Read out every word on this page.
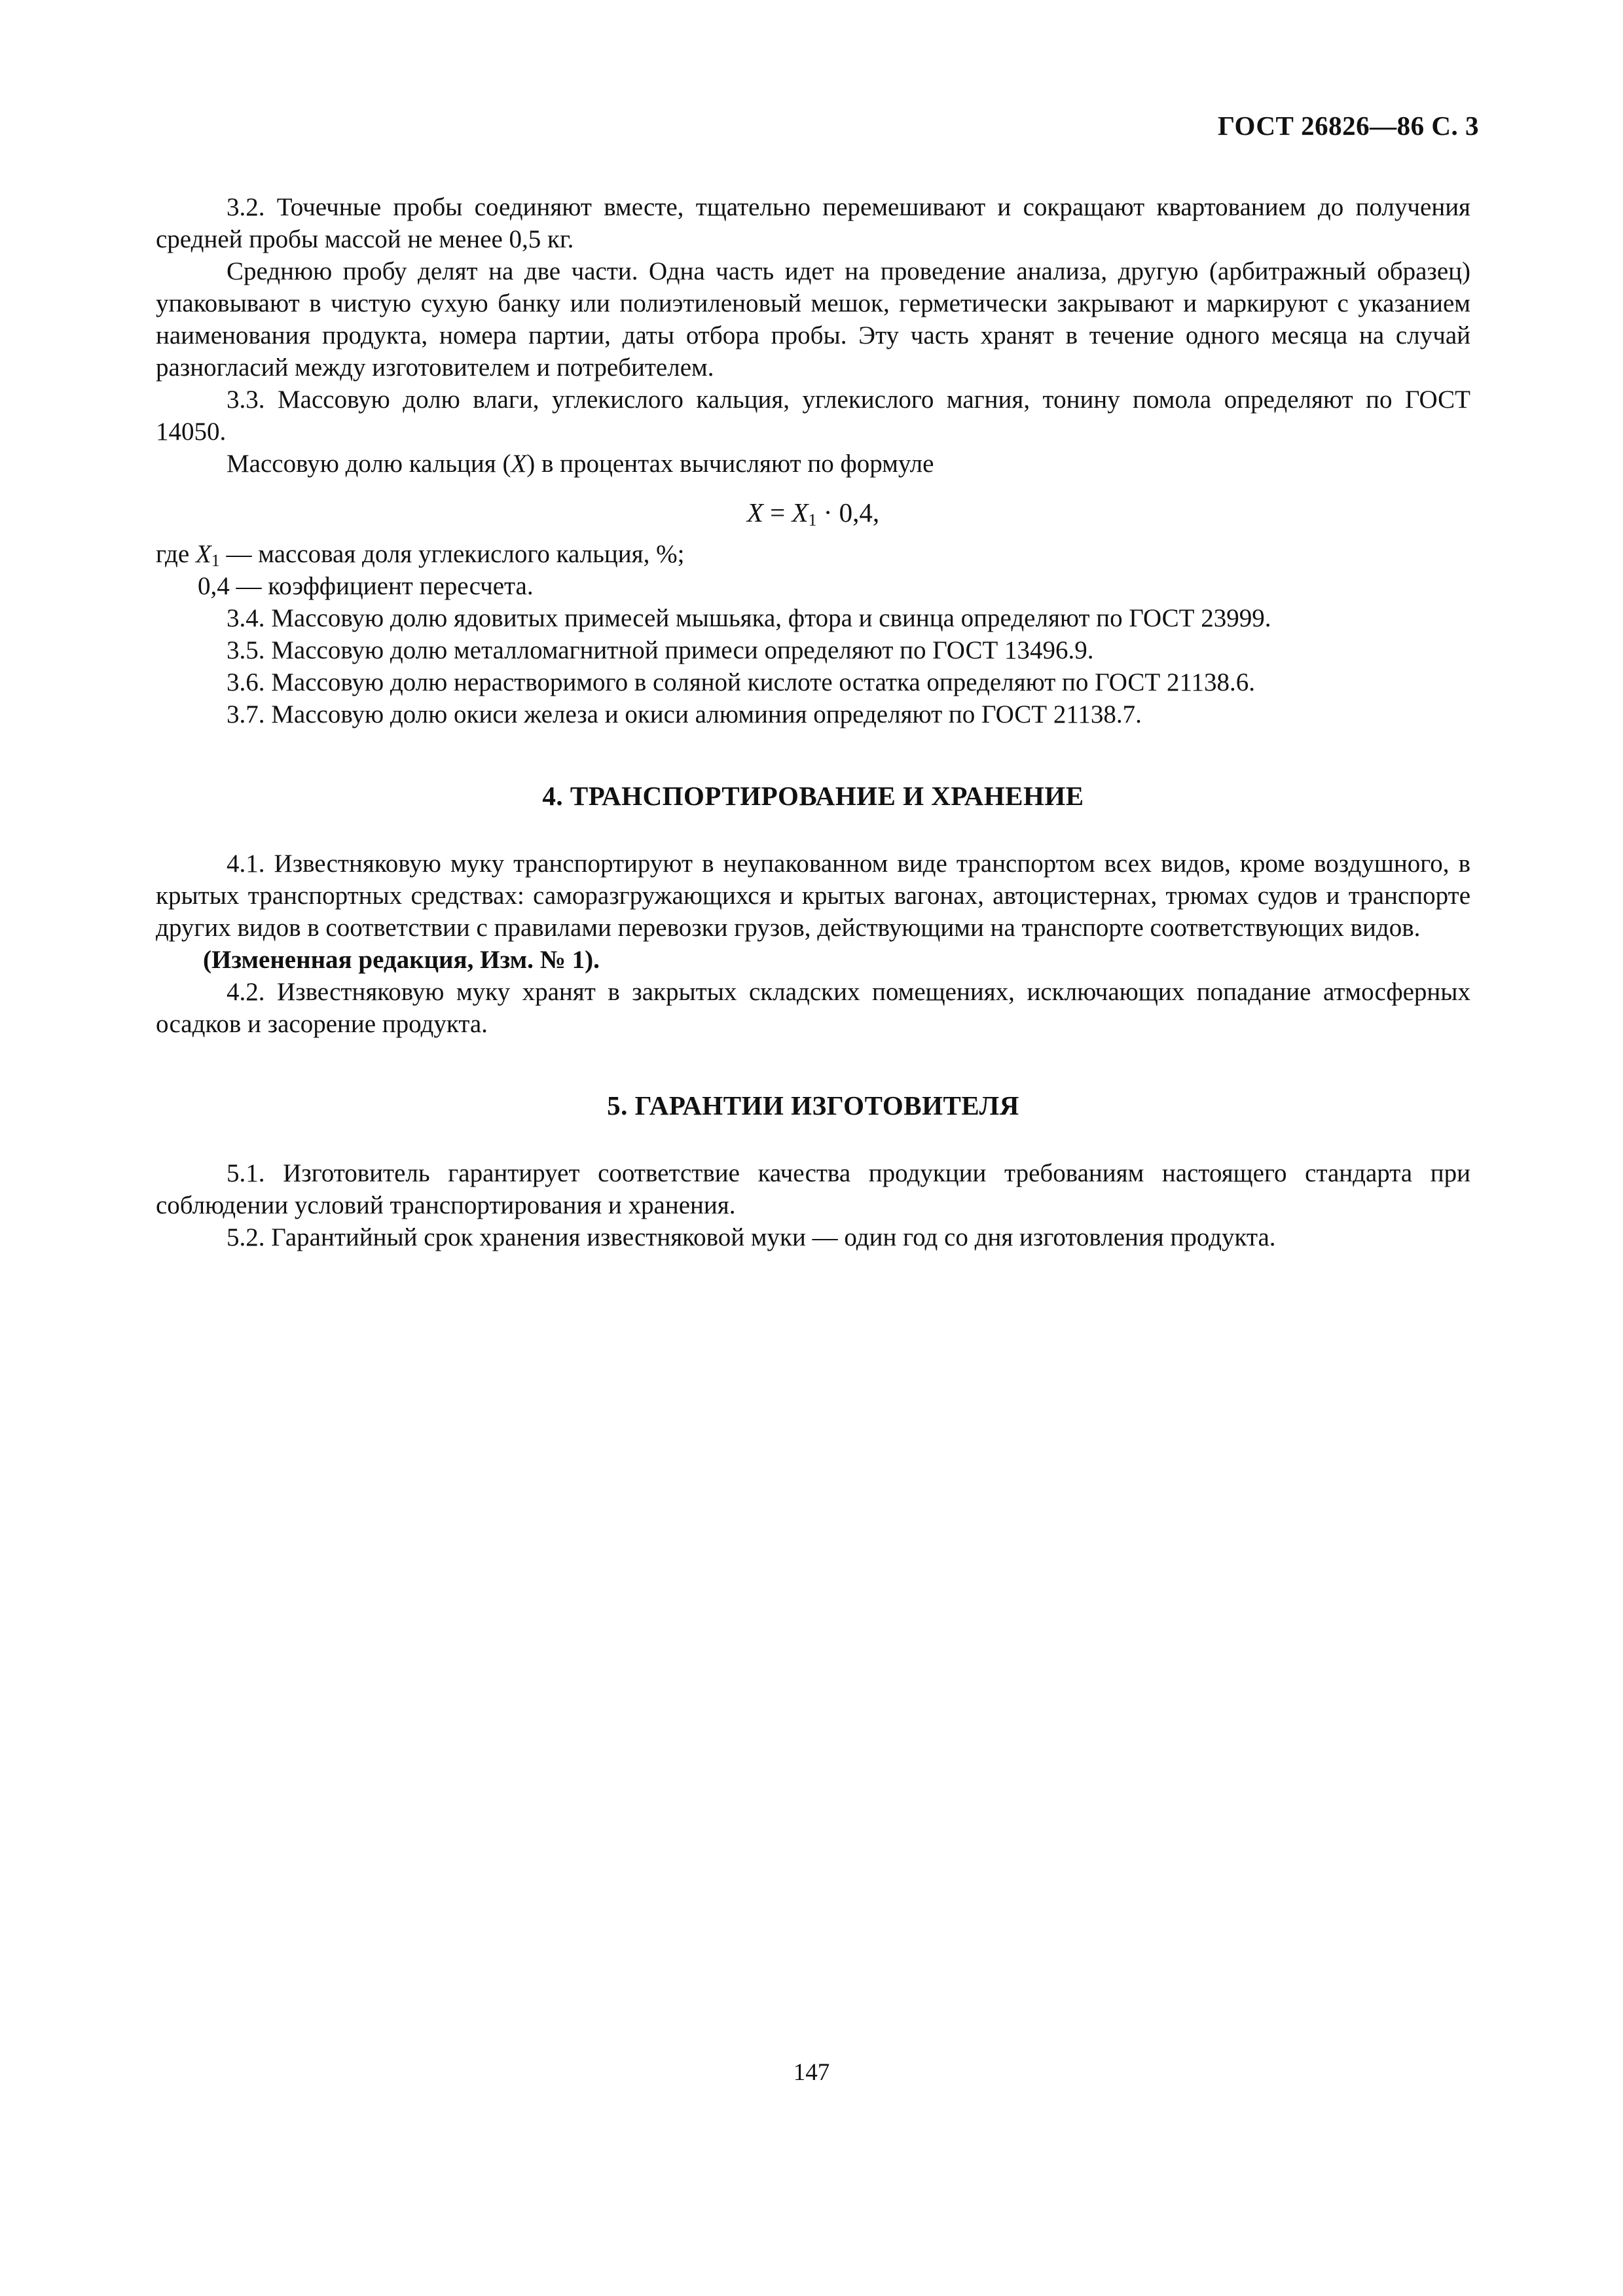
ГОСТ 26826—86 С. 3

3.2. Точечные пробы соединяют вместе, тщательно перемешивают и сокращают квартованием до получения средней пробы массой не менее 0,5 кг.

Среднюю пробу делят на две части. Одна часть идет на проведение анализа, другую (арбитражный образец) упаковывают в чистую сухую банку или полиэтиленовый мешок, герметически закрывают и маркируют с указанием наименования продукта, номера партии, даты отбора пробы. Эту часть хранят в течение одного месяца на случай разногласий между изготовителем и потребителем.

3.3. Массовую долю влаги, углекислого кальция, углекислого магния, тонину помола определяют по ГОСТ 14050.

Массовую долю кальция (X) в процентах вычисляют по формуле

$X = X_1 \cdot 0,4$,

где $X_1$ — массовая доля углекислого кальция, %;

0,4 — коэффициент пересчета.

3.4. Массовую долю ядовитых примесей мышьяка, фтора и свинца определяют по ГОСТ 23999.

3.5. Массовую долю металломагнитной примеси определяют по ГОСТ 13496.9.

3.6. Массовую долю нерастворимого в соляной кислоте остатка определяют по ГОСТ 21138.6.

3.7. Массовую долю окиси железа и окиси алюминия определяют по ГОСТ 21138.7.

4. ТРАНСПОРТИРОВАНИЕ И ХРАНЕНИЕ

4.1. Известняковую муку транспортируют в неупакованном виде транспортом всех видов, кроме воздушного, в крытых транспортных средствах: саморазгружающихся и крытых вагонах, автоцистернах, трюмах судов и транспорте других видов в соответствии с правилами перевозки грузов, действующими на транспорте соответствующих видов.

(Измененная редакция, Изм. № 1).

4.2. Известняковую муку хранят в закрытых складских помещениях, исключающих попадание атмосферных осадков и засорение продукта.

5. ГАРАНТИИ ИЗГОТОВИТЕЛЯ

5.1. Изготовитель гарантирует соответствие качества продукции требованиям настоящего стандарта при соблюдении условий транспортирования и хранения.

5.2. Гарантийный срок хранения известняковой муки — один год со дня изготовления продукта.

147
